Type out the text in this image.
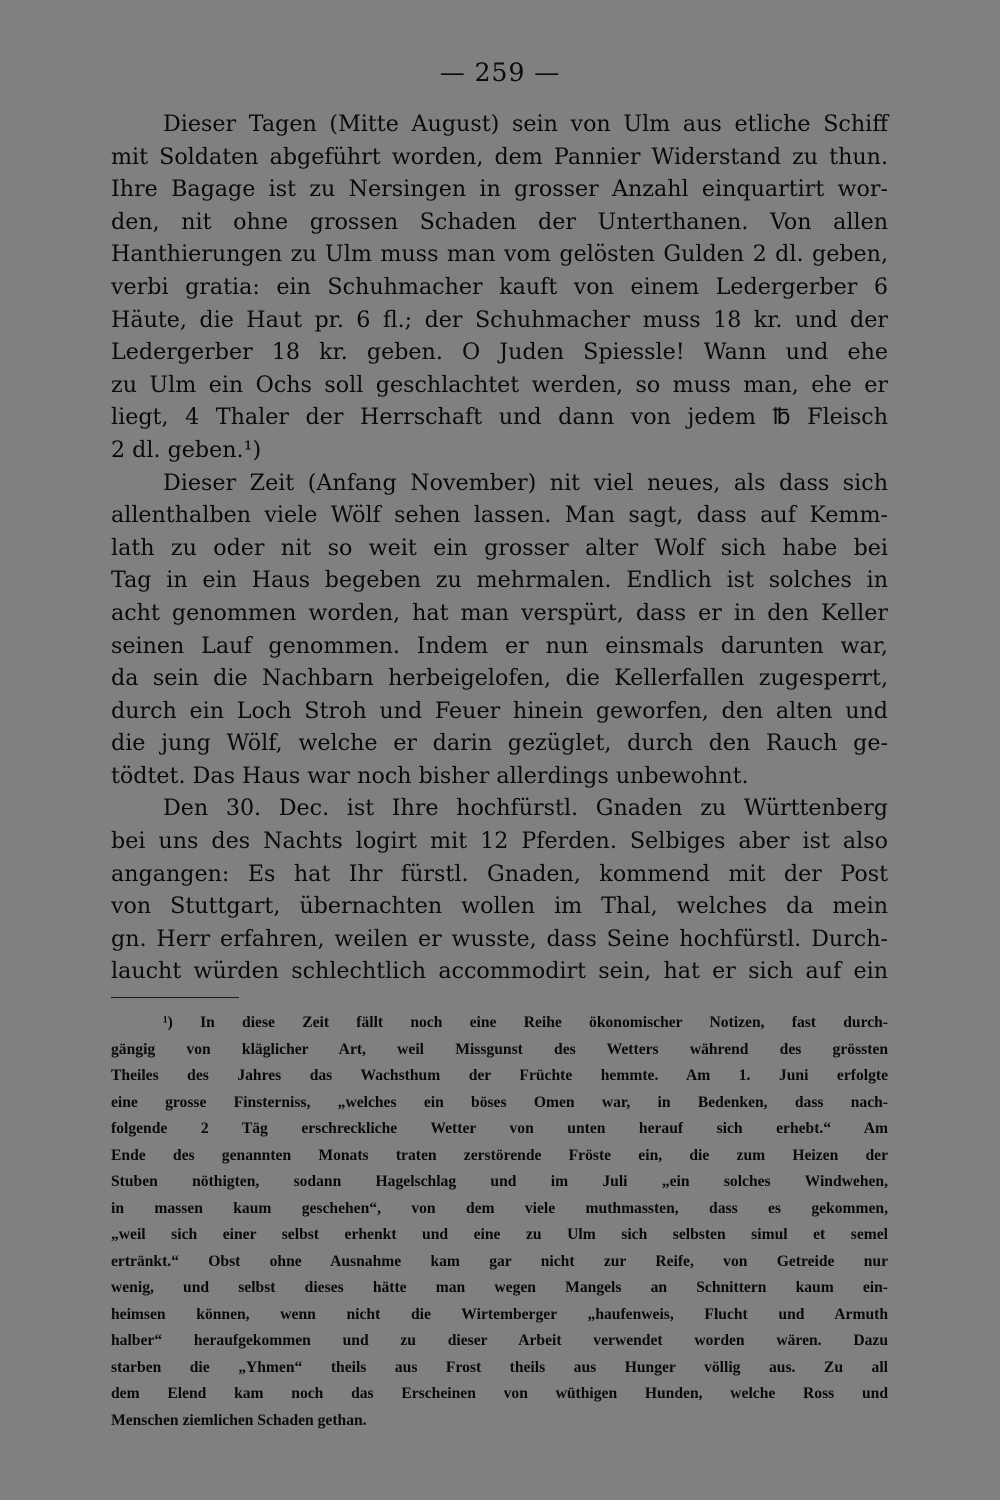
— 259 —
Dieser Tagen (Mitte August) sein von Ulm aus etliche Schiff
mit Soldaten abgeführt worden, dem Pannier Widerstand zu thun.
Ihre Bagage ist zu Nersingen in grosser Anzahl einquartirt wor-
den, nit ohne grossen Schaden der Unterthanen. Von allen
Hanthierungen zu Ulm muss man vom gelösten Gulden 2 dl. geben,
verbi gratia: ein Schuhmacher kauft von einem Ledergerber 6
Häute, die Haut pr. 6 fl.; der Schuhmacher muss 18 kr. und der
Ledergerber 18 kr. geben. O Juden Spiessle! Wann und ehe
zu Ulm ein Ochs soll geschlachtet werden, so muss man, ehe er
liegt, 4 Thaler der Herrschaft und dann von jedem ℔ Fleisch
2 dl. geben.¹)
Dieser Zeit (Anfang November) nit viel neues, als dass sich
allenthalben viele Wölf sehen lassen. Man sagt, dass auf Kemm-
lath zu oder nit so weit ein grosser alter Wolf sich habe bei
Tag in ein Haus begeben zu mehrmalen. Endlich ist solches in
acht genommen worden, hat man verspürt, dass er in den Keller
seinen Lauf genommen. Indem er nun einsmals darunten war,
da sein die Nachbarn herbeigelofen, die Kellerfallen zugesperrt,
durch ein Loch Stroh und Feuer hinein geworfen, den alten und
die jung Wölf, welche er darin gezüglet, durch den Rauch ge-
tödtet. Das Haus war noch bisher allerdings unbewohnt.
Den 30. Dec. ist Ihre hochfürstl. Gnaden zu Württenberg
bei uns des Nachts logirt mit 12 Pferden. Selbiges aber ist also
angangen: Es hat Ihr fürstl. Gnaden, kommend mit der Post
von Stuttgart, übernachten wollen im Thal, welches da mein
gn. Herr erfahren, weilen er wusste, dass Seine hochfürstl. Durch-
laucht würden schlechtlich accommodirt sein, hat er sich auf ein
¹) In diese Zeit fällt noch eine Reihe ökonomischer Notizen, fast durch-
gängig von kläglicher Art, weil Missgunst des Wetters während des grössten
Theiles des Jahres das Wachsthum der Früchte hemmte. Am 1. Juni erfolgte
eine grosse Finsterniss, „welches ein böses Omen war, in Bedenken, dass nach-
folgende 2 Täg erschreckliche Wetter von unten herauf sich erhebt.“ Am
Ende des genannten Monats traten zerstörende Fröste ein, die zum Heizen der
Stuben nöthigten, sodann Hagelschlag und im Juli „ein solches Windwehen,
in massen kaum geschehen“, von dem viele muthmassten, dass es gekommen,
„weil sich einer selbst erhenkt und eine zu Ulm sich selbsten simul et semel
ertränkt.“ Obst ohne Ausnahme kam gar nicht zur Reife, von Getreide nur
wenig, und selbst dieses hätte man wegen Mangels an Schnittern kaum ein-
heimsen können, wenn nicht die Wirtemberger „haufenweis, Flucht und Armuth
halber“ heraufgekommen und zu dieser Arbeit verwendet worden wären. Dazu
starben die „Yhmen“ theils aus Frost theils aus Hunger völlig aus. Zu all
dem Elend kam noch das Erscheinen von wüthigen Hunden, welche Ross und
Menschen ziemlichen Schaden gethan.
